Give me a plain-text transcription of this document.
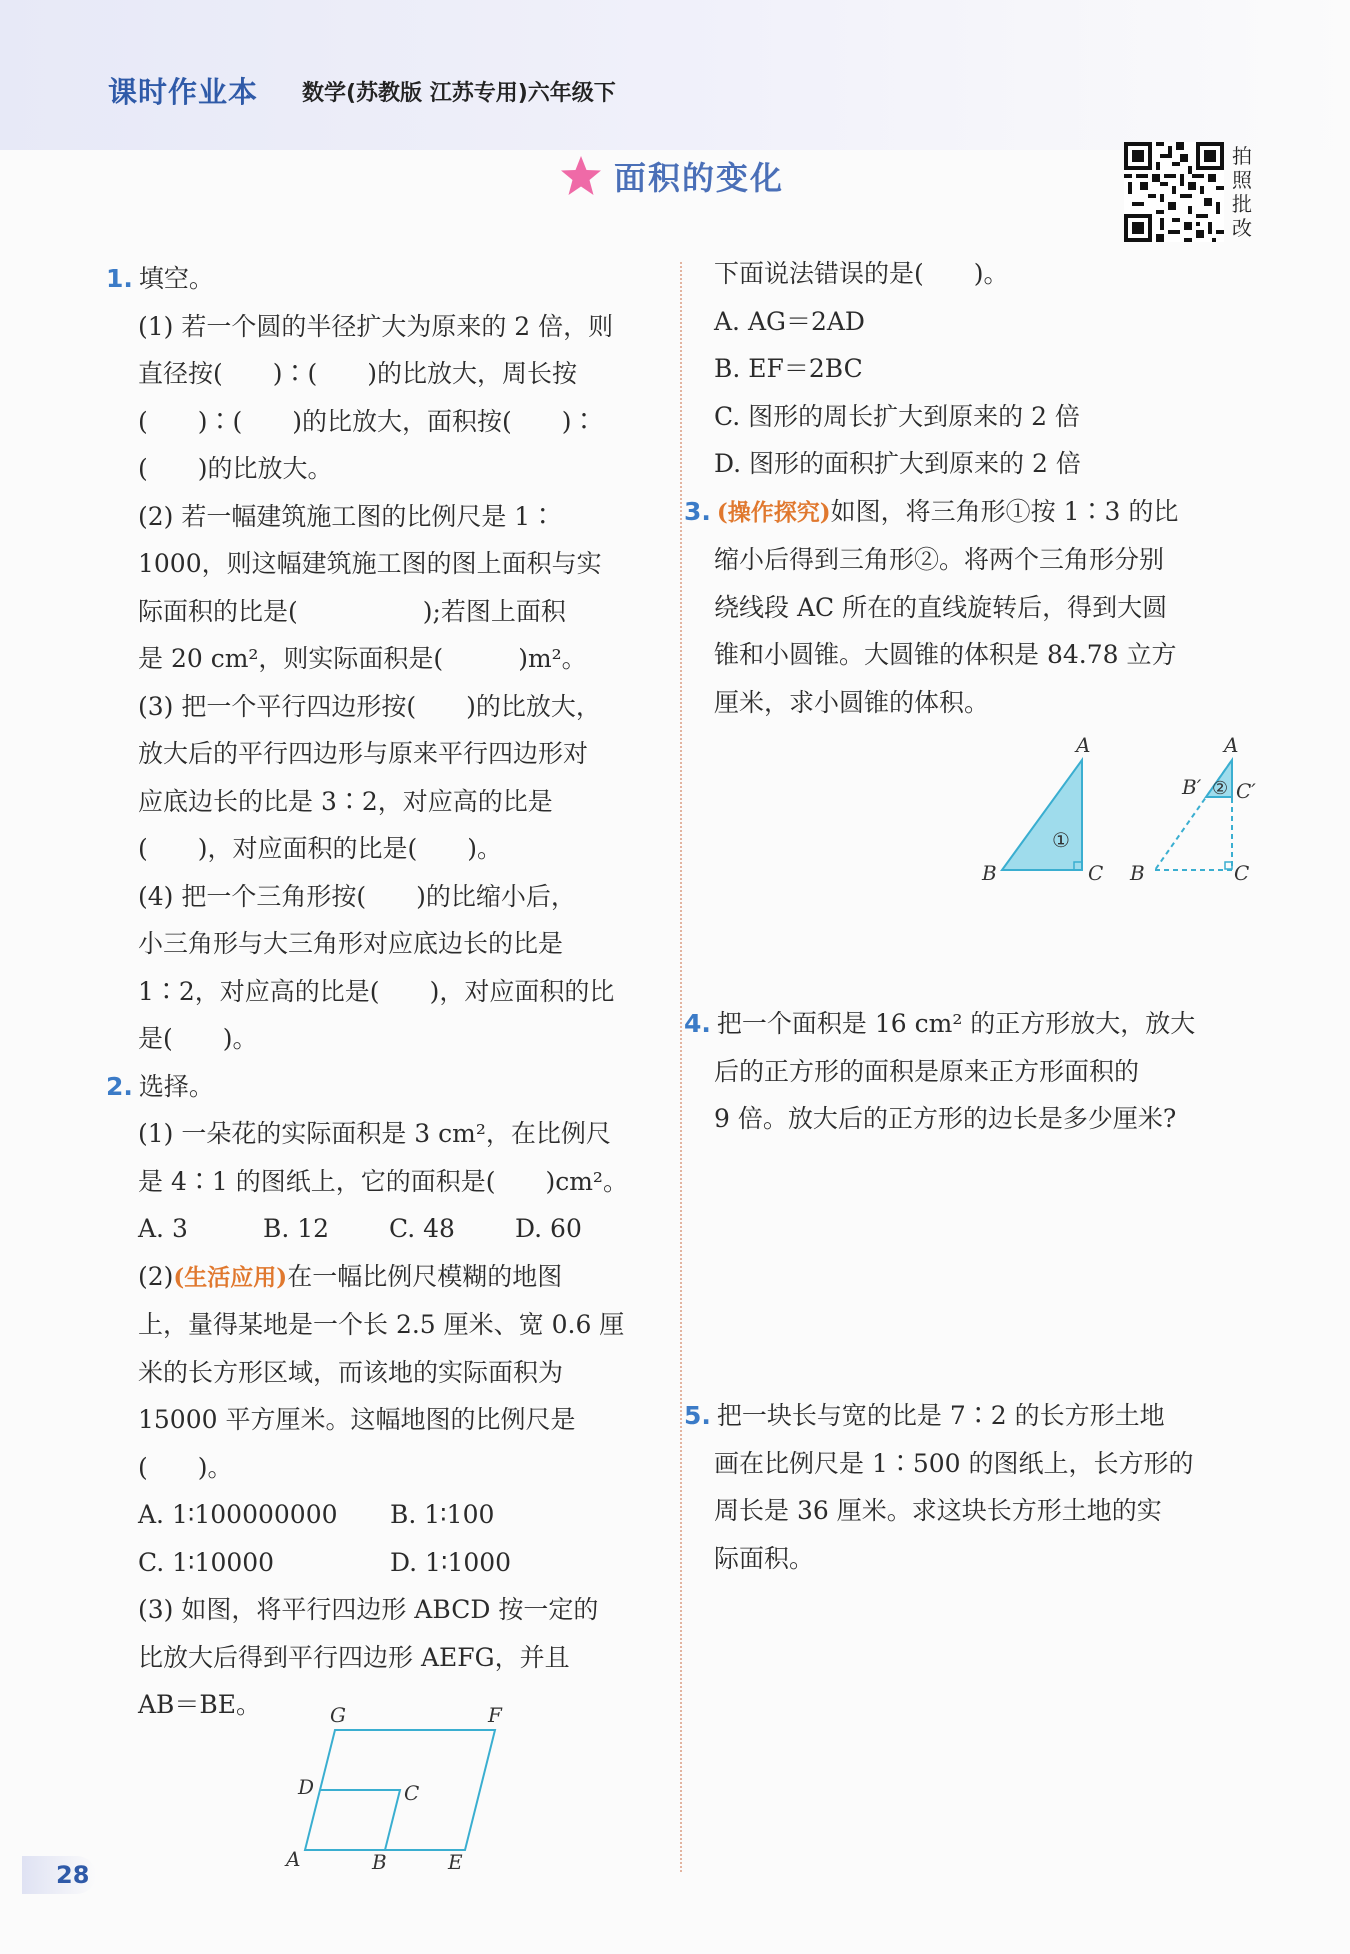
课时作业本 数学(苏教版 江苏专用)六年级下
面积的变化
拍照批改
1. 填空。
(1) 若一个圆的半径扩大为原来的 2 倍，则
直径按(　　)∶(　　)的比放大，周长按
(　　)∶(　　)的比放大，面积按(　　)∶
(　　)的比放大。
(2) 若一幅建筑施工图的比例尺是 1∶
1000，则这幅建筑施工图的图上面积与实
际面积的比是(　　　　　);若图上面积
是 20 cm²，则实际面积是(　　　)m²。
(3) 把一个平行四边形按(　　)的比放大，
放大后的平行四边形与原来平行四边形对
应底边长的比是 3∶2，对应高的比是
(　　)，对应面积的比是(　　)。
(4) 把一个三角形按(　　)的比缩小后，
小三角形与大三角形对应底边长的比是
1∶2，对应高的比是(　　)，对应面积的比
是(　　)。
2. 选择。
(1) 一朵花的实际面积是 3 cm²，在比例尺
是 4∶1 的图纸上，它的面积是(　　)cm²。
A. 3	B. 12 C. 48 D. 60
(2)(生活应用)在一幅比例尺模糊的地图
上，量得某地是一个长 2.5 厘米、宽 0.6 厘
米的长方形区域，而该地的实际面积为
15000 平方厘米。这幅地图的比例尺是
(　　)。
A. 1∶100000000 B. 1∶100
C. 1∶10000	D. 1∶1000
(3) 如图，将平行四边形 ABCD 按一定的
比放大后得到平行四边形 AEFG，并且
AB＝BE。	G	F
D	C
A	B	E
下面说法错误的是(　　)。
A. AG＝2AD
B. EF＝2BC
C. 图形的周长扩大到原来的 2 倍
D. 图形的面积扩大到原来的 2 倍
3. (操作探究)如图，将三角形①按 1∶3 的比
缩小后得到三角形②。将两个三角形分别
绕线段 AC 所在的直线旋转后，得到大圆
锥和小圆锥。大圆锥的体积是 84.78 立方
厘米，求小圆锥的体积。
A
B	C
A
B	C
B′ C′
①
②
4. 把一个面积是 16 cm² 的正方形放大，放大
后的正方形的面积是原来正方形面积的
9 倍。放大后的正方形的边长是多少厘米?
5. 把一块长与宽的比是 7∶2 的长方形土地
画在比例尺是 1∶500 的图纸上，长方形的
周长是 36 厘米。求这块长方形土地的实
际面积。
28
